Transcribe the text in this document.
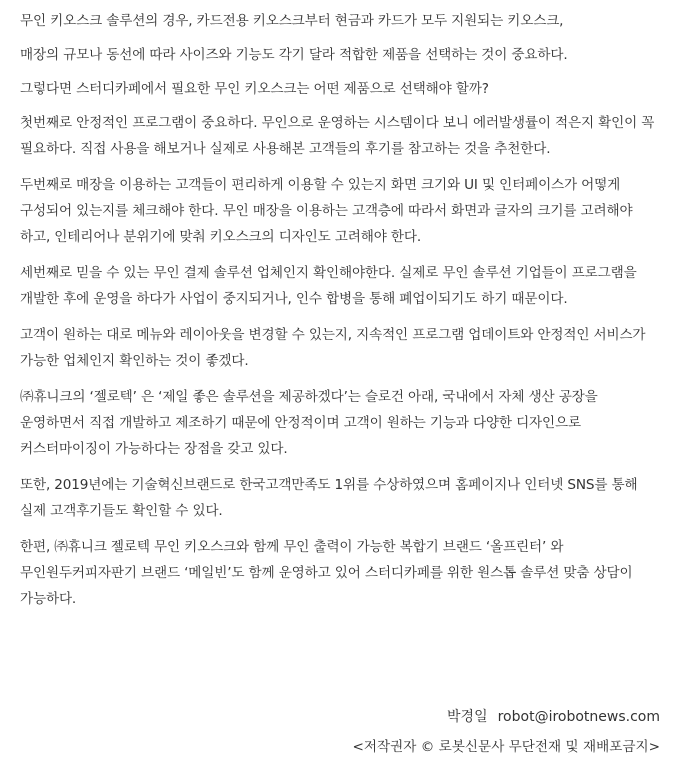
무인 키오스크 솔루션의 경우, 카드전용 키오스크부터 현금과 카드가 모두 지원되는 키오스크,

매장의 규모나 동선에 따라 사이즈와 기능도 각기 달라 적합한 제품을 선택하는 것이 중요하다.

그렇다면 스터디카페에서 필요한 무인 키오스크는 어떤 제품으로 선택해야 할까?

첫번째로 안정적인 프로그램이 중요하다. 무인으로 운영하는 시스템이다 보니 에러발생률이 적은지 확인이 꼭 필요하다. 직접 사용을 해보거나 실제로 사용해본 고객들의 후기를 참고하는 것을 추천한다.

두번째로 매장을 이용하는 고객들이 편리하게 이용할 수 있는지 화면 크기와 UI 및 인터페이스가 어떻게 구성되어 있는지를 체크해야 한다. 무인 매장을 이용하는 고객층에 따라서 화면과 글자의 크기를 고려해야 하고, 인테리어나 분위기에 맞춰 키오스크의 디자인도 고려해야 한다.

세번째로 믿을 수 있는 무인 결제 솔루션 업체인지 확인해야한다. 실제로 무인 솔루션 기업들이 프로그램을 개발한 후에 운영을 하다가 사업이 중지되거나, 인수 합병을 통해 폐업이되기도 하기 때문이다.

고객이 원하는 대로 메뉴와 레이아웃을 변경할 수 있는지, 지속적인 프로그램 업데이트와 안정적인 서비스가 가능한 업체인지 확인하는 것이 좋겠다.

㈜휴니크의 ‘젤로텍’ 은 ‘제일 좋은 솔루션을 제공하겠다’는 슬로건 아래, 국내에서 자체 생산 공장을 운영하면서 직접 개발하고 제조하기 때문에 안정적이며 고객이 원하는 기능과 다양한 디자인으로 커스터마이징이 가능하다는 장점을 갖고 있다.

또한, 2019년에는 기술혁신브랜드로 한국고객만족도 1위를 수상하였으며 홈페이지나 인터넷 SNS를 통해 실제 고객후기들도 확인할 수 있다.

한편, ㈜휴니크 젤로텍 무인 키오스크와 함께 무인 출력이 가능한 복합기 브랜드 ‘올프린터’ 와 무인원두커피자판기 브랜드 ‘메일빈’도 함께 운영하고 있어 스터디카페를 위한 원스톱 솔루션 맞춤 상담이 가능하다.

박경일 robot@irobotnews.com
<저작권자 © 로봇신문사 무단전재 및 재배포금지>
